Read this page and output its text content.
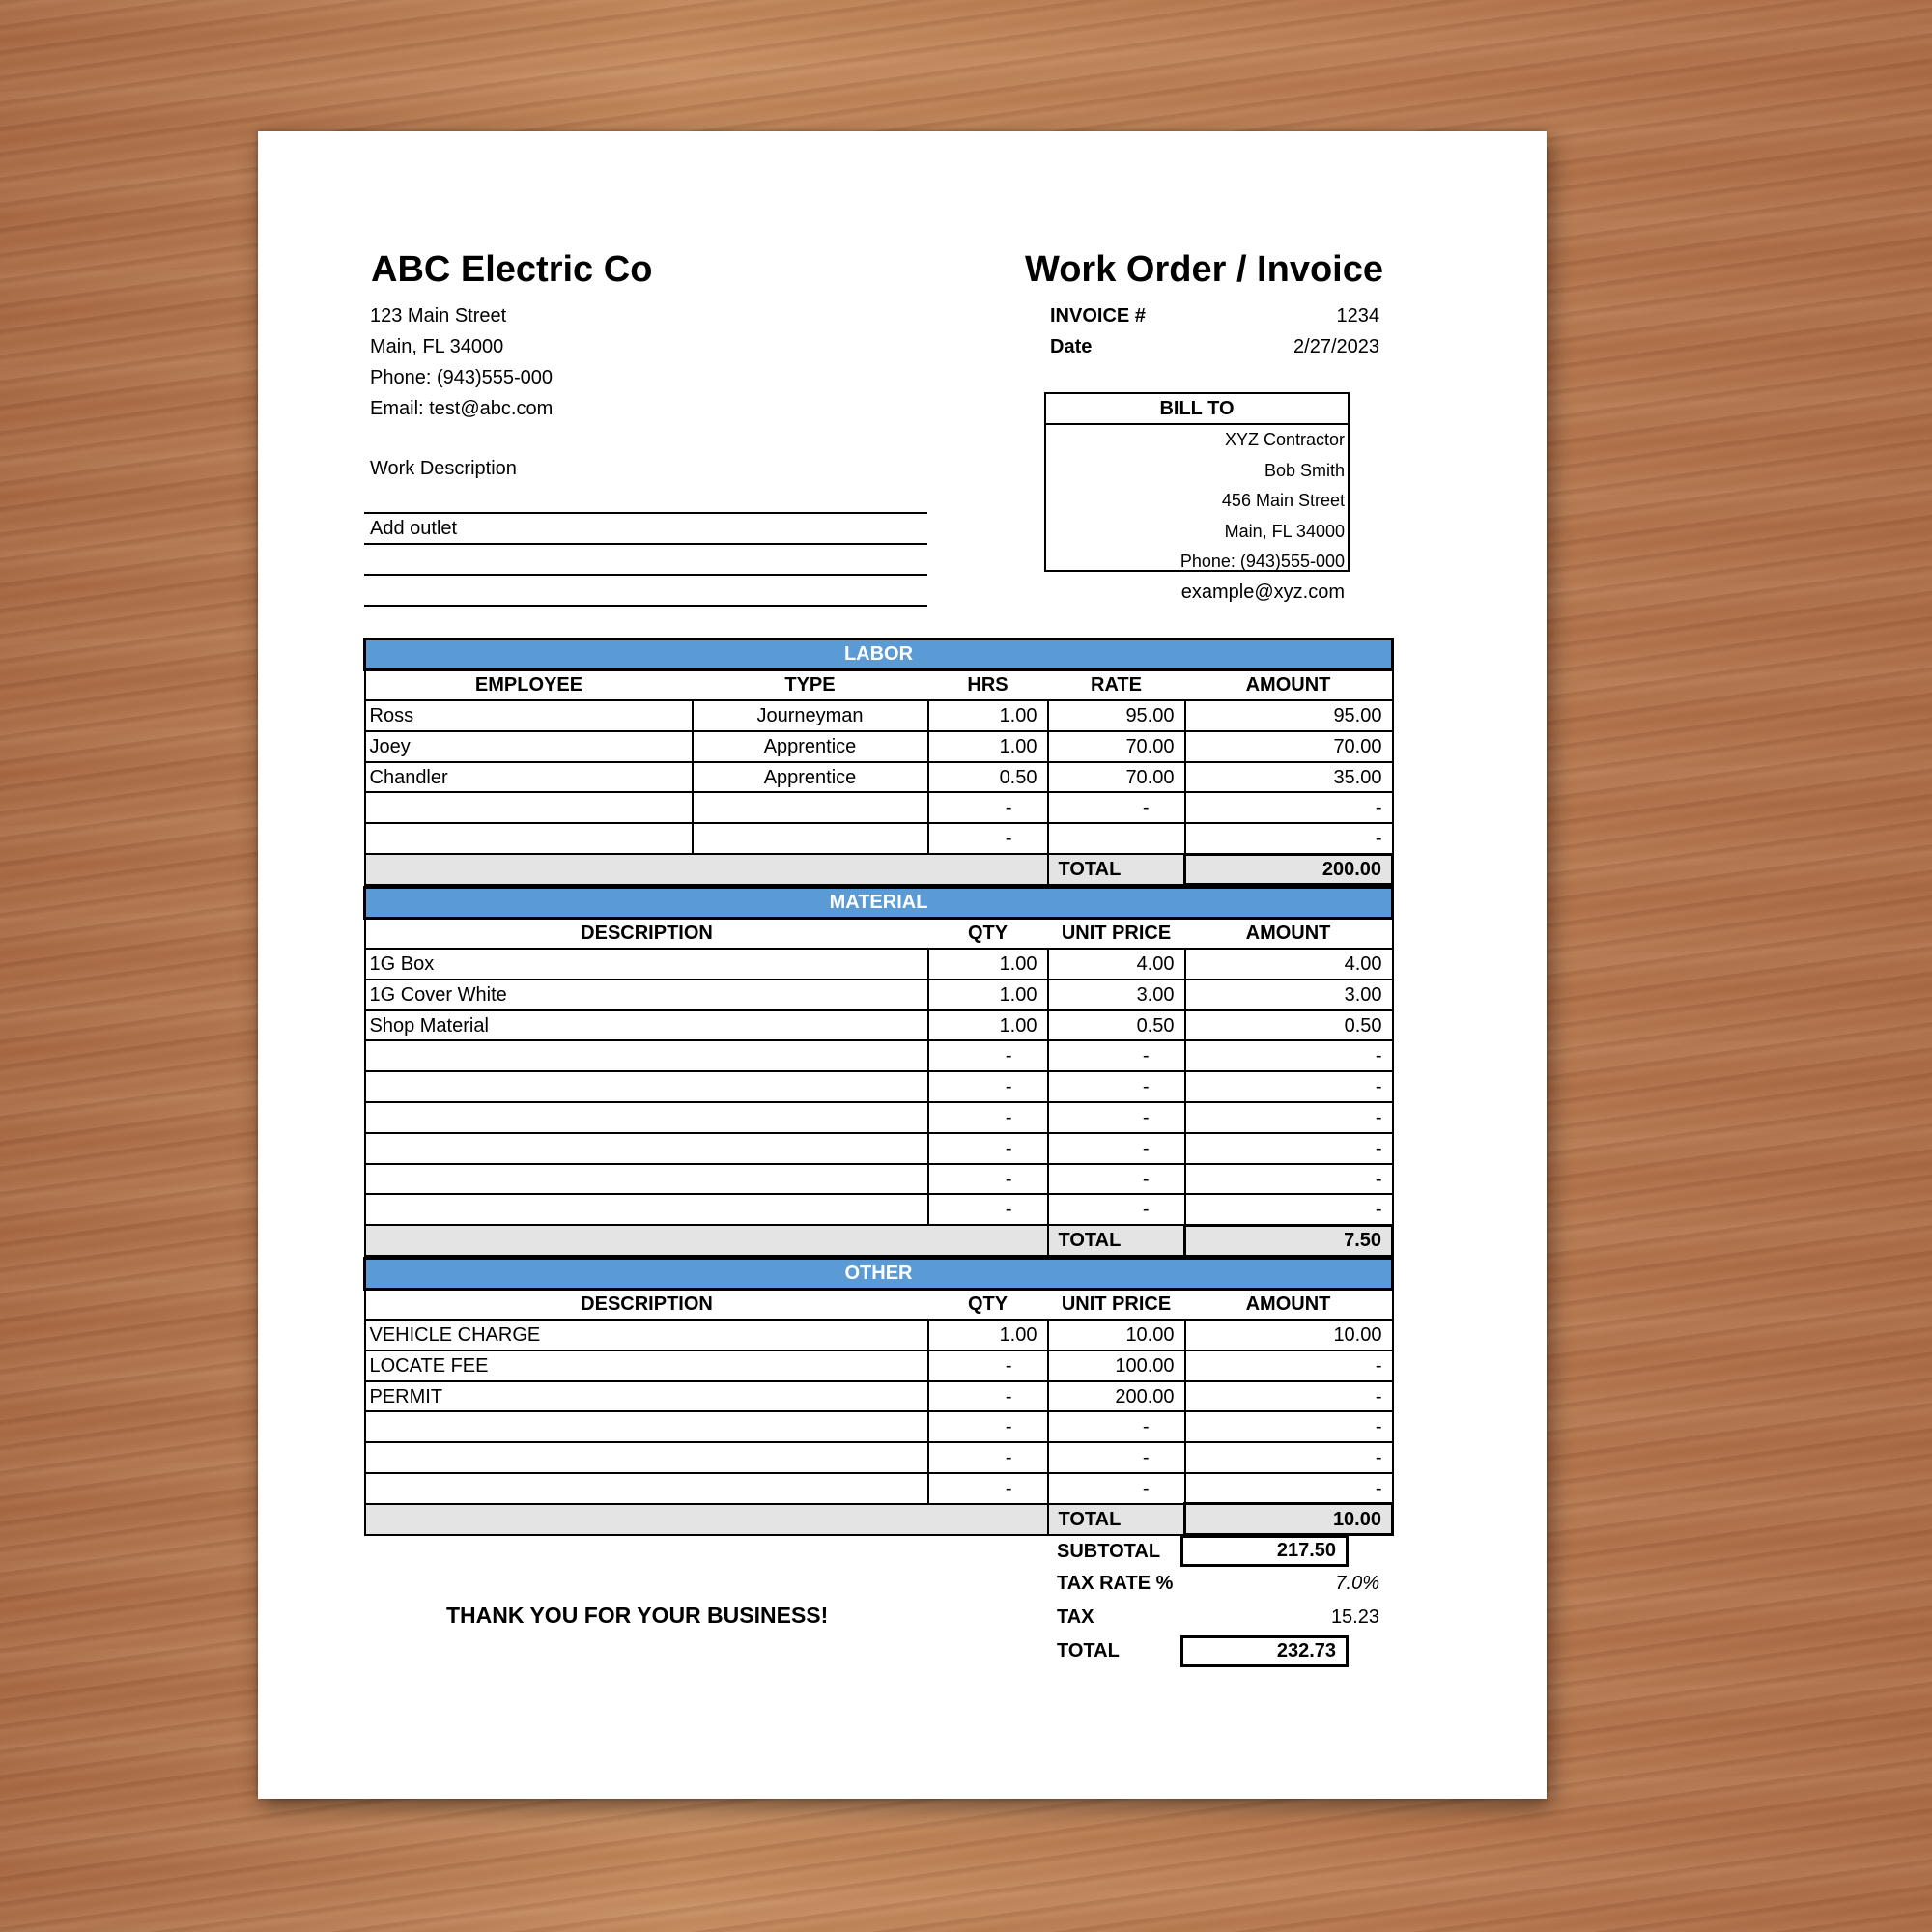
ABC Electric Co
123 Main Street
Main, FL 34000
Phone: (943)555-000
Email: test@abc.com
Work Description
Add outlet
Work Order / Invoice
INVOICE #	1234
Date	2/27/2023
BILL TO
XYZ Contractor
Bob Smith
456 Main Street
Main, FL 34000
Phone: (943)555-000
example@xyz.com
LABOR				
EMPLOYEE	TYPE	HRS	RATE	AMOUNT
Ross	Journeyman	1.00	95.00	95.00
Joey	Apprentice	1.00	70.00	70.00
Chandler	Apprentice	0.50	70.00	35.00
		-	-	-
		-		-
			TOTAL	200.00
MATERIAL			
DESCRIPTION	QTY	UNIT PRICE	AMOUNT
1G Box	1.00	4.00	4.00
1G Cover White	1.00	3.00	3.00
Shop Material	1.00	0.50	0.50
	-	-	-
	-	-	-
	-	-	-
	-	-	-
	-	-	-
	-	-	-
		TOTAL	7.50
OTHER			
DESCRIPTION	QTY	UNIT PRICE	AMOUNT
VEHICLE CHARGE	1.00	10.00	10.00
LOCATE FEE	-	100.00	-
PERMIT	-	200.00	-
	-	-	-
	-	-	-
	-	-	-
		TOTAL	10.00
SUBTOTAL	217.50
TAX RATE %	7.0%
TAX	15.23
TOTAL	232.73
THANK YOU FOR YOUR BUSINESS!
